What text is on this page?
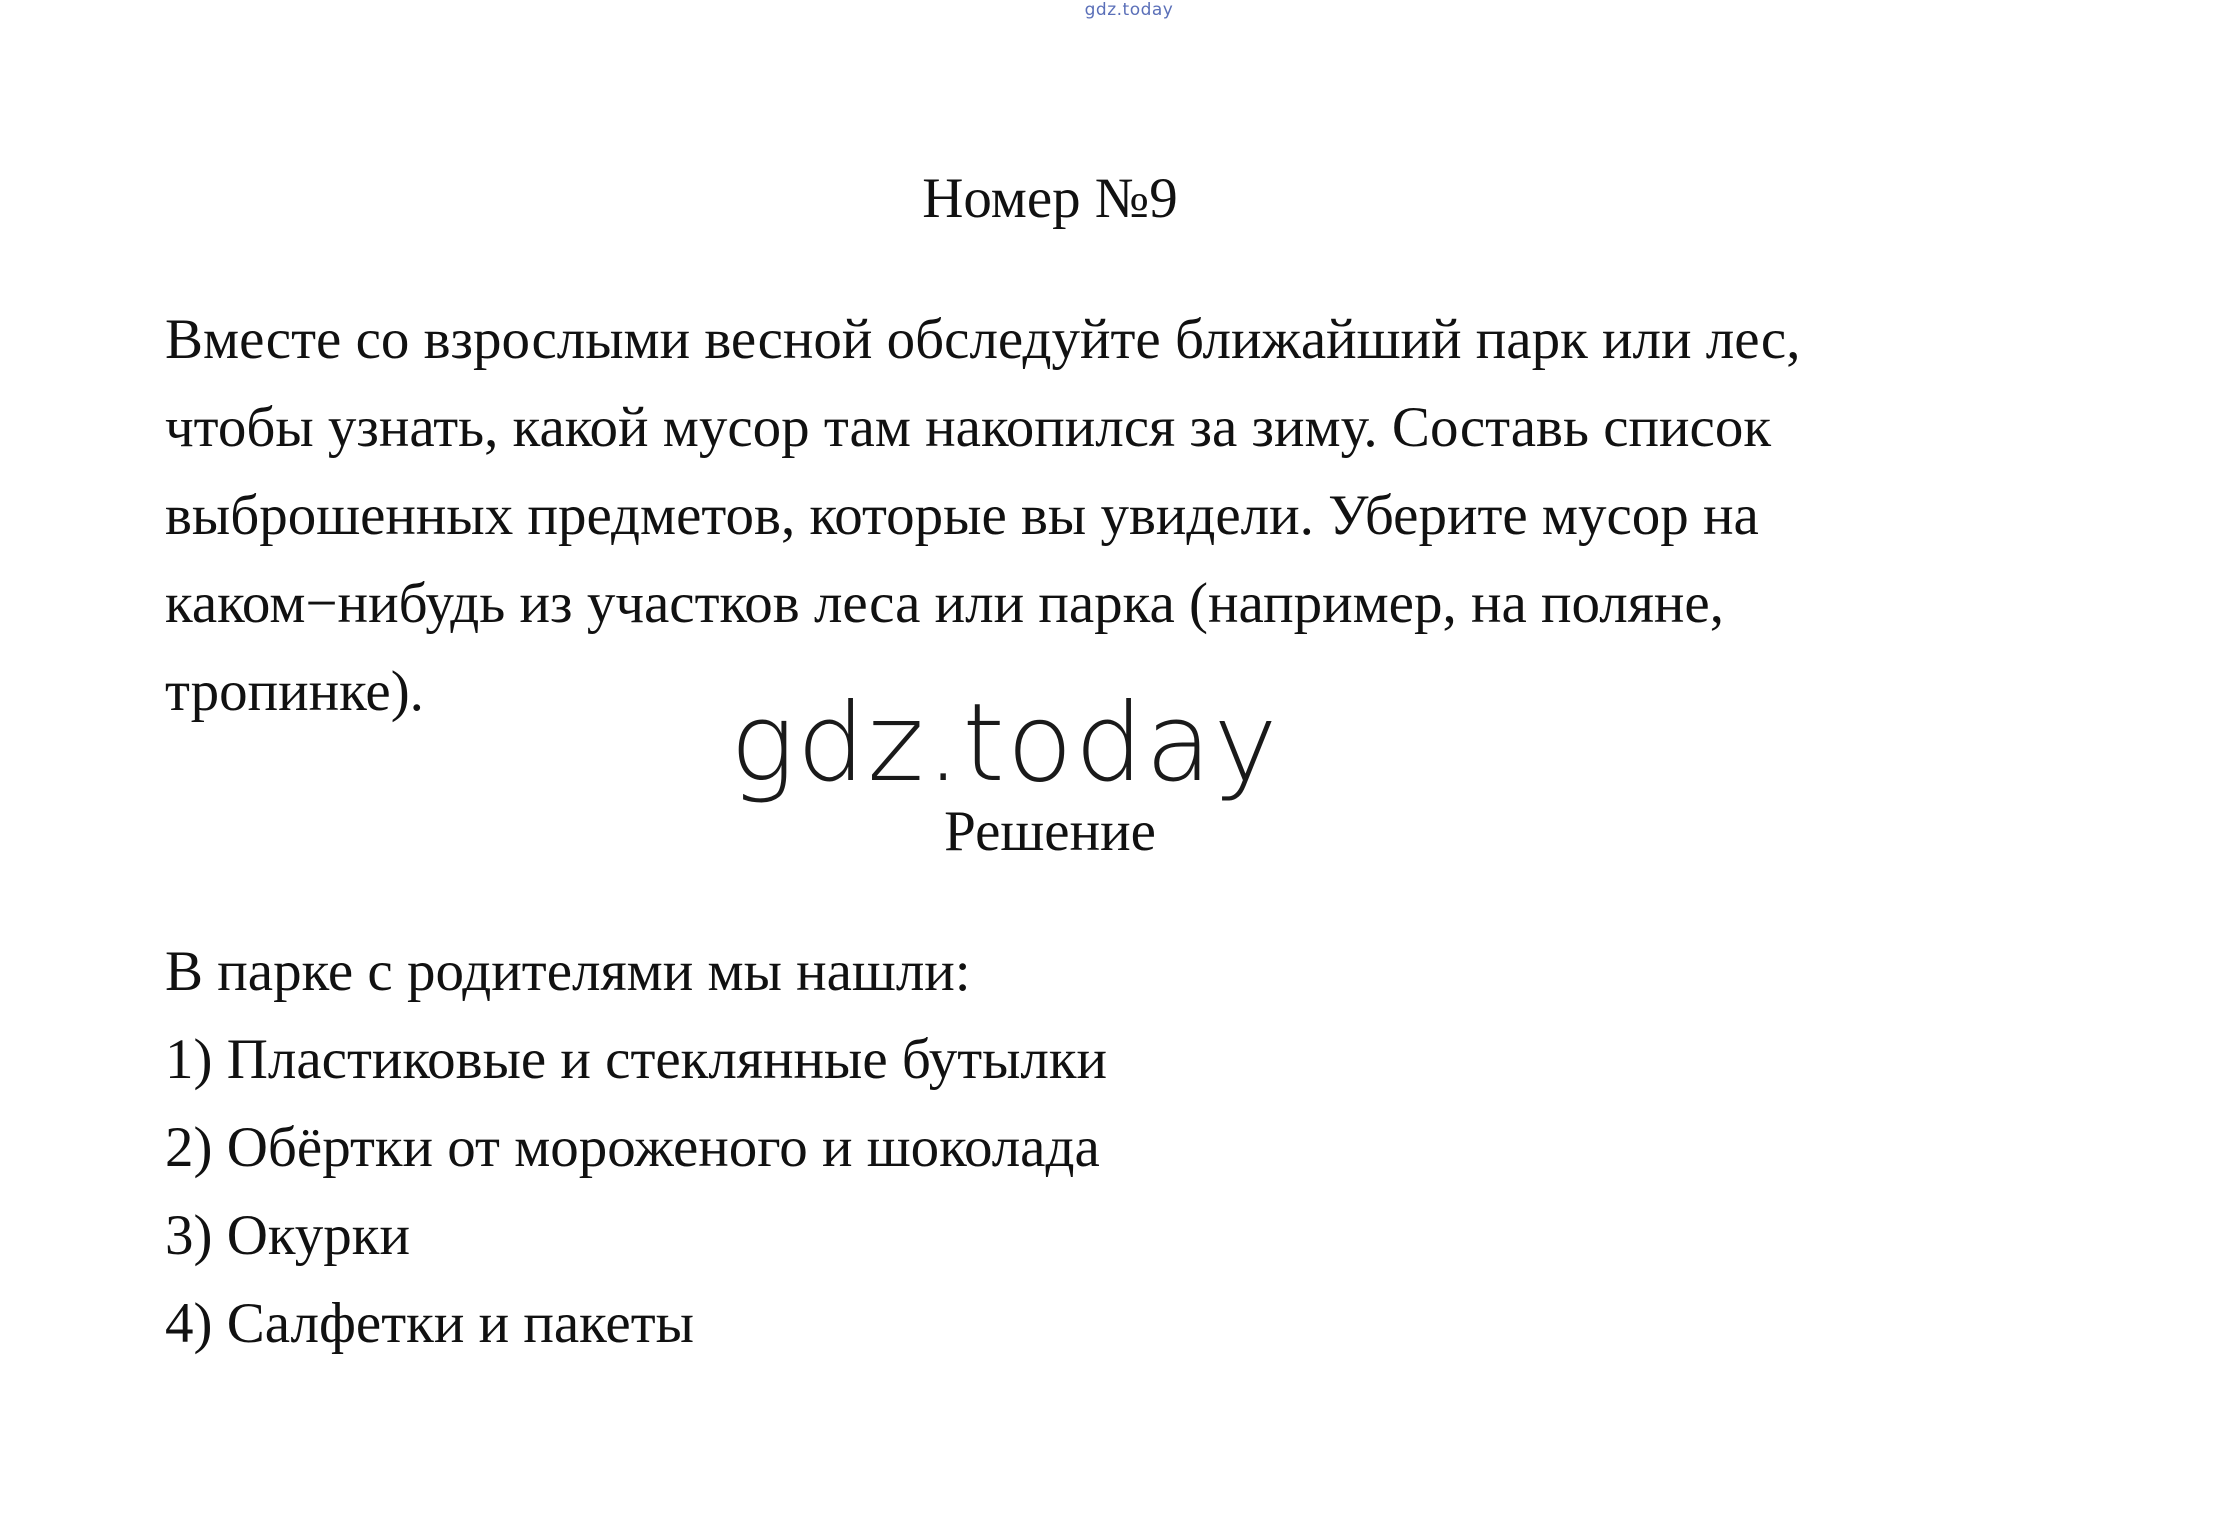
gdz.today
Номер №9
Вместе со взрослыми весной обследуйте ближайший парк или лес,
чтобы узнать, какой мусор там накопился за зиму. Составь список
выброшенных предметов, которые вы увидели. Уберите мусор на
каком−нибудь из участков леса или парка (например, на поляне,
тропинке).	gdz.today
Решение
В парке с родителями мы нашли:
1) Пластиковые и стеклянные бутылки
2) Обёртки от мороженого и шоколада
3) Окурки
4) Салфетки и пакеты
